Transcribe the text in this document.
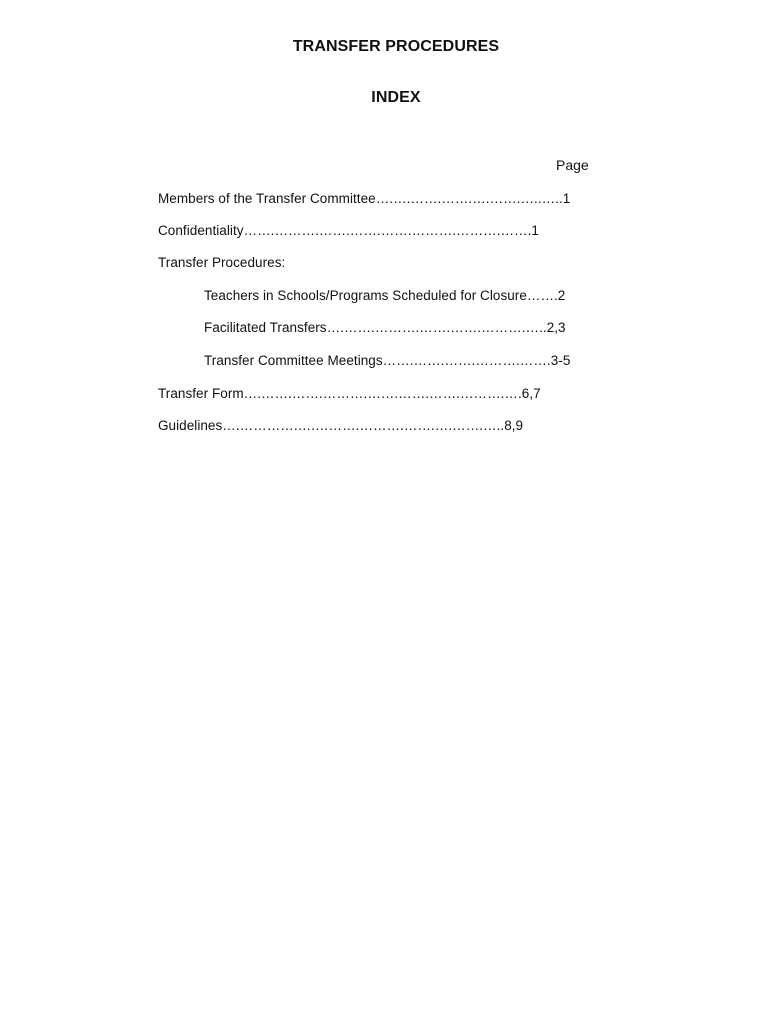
TRANSFER PROCEDURES
INDEX
Page
Members of the Transfer Committee….….…….…….….…….…..…..1
Confidentiality…….……….…….…….…….……….……….…….1
Transfer Procedures:
Teachers in Schools/Programs Scheduled for Closure…….2
Facilitated Transfers….…….……….…….…….……….…..2,3
Transfer Committee Meetings…….…….…….……….…….3-5
Transfer Form….…….…….……….…….…….…….……….….6,7
Guidelines….………….….……….……….…….….…….…..8,9
